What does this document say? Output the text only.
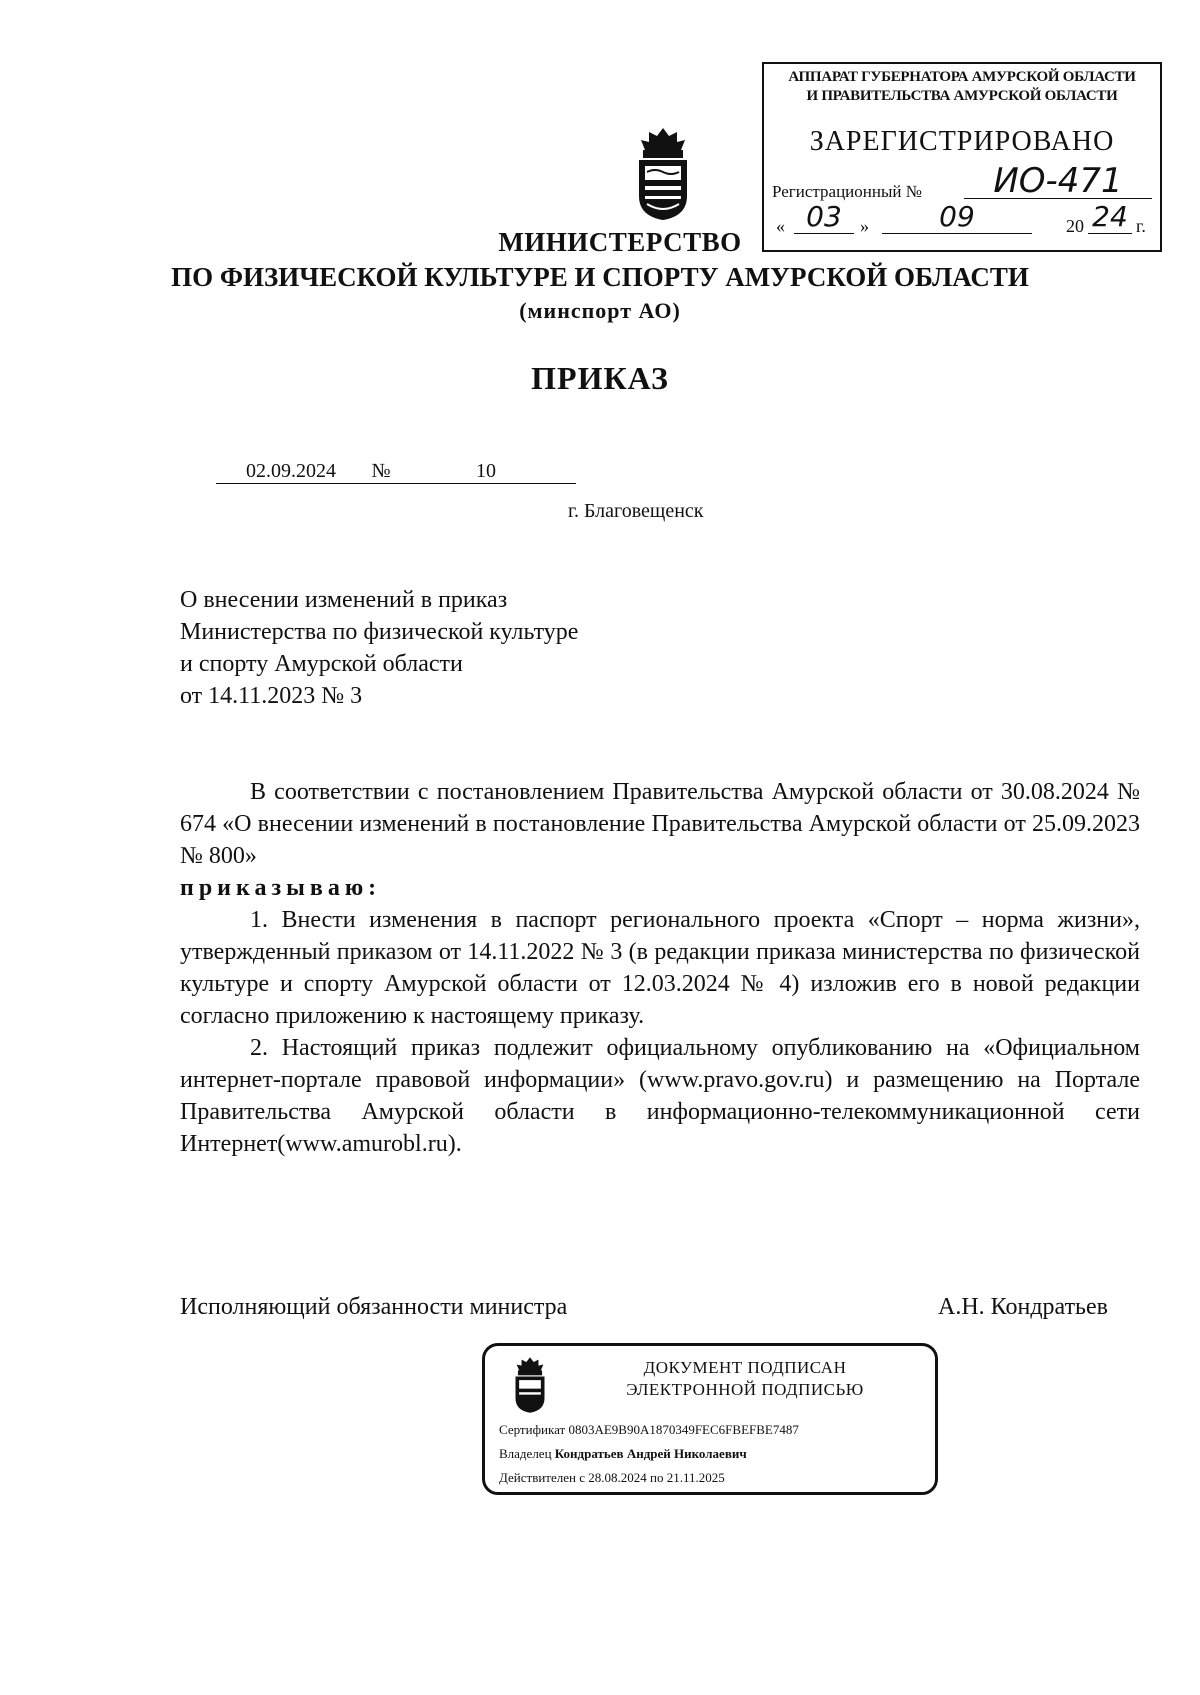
АППАРАТ ГУБЕРНАТОРА АМУРСКОЙ ОБЛАСТИ
И ПРАВИТЕЛЬСТВА АМУРСКОЙ ОБЛАСТИ
ЗАРЕГИСТРИРОВАНО
Регистрационный №	ИО-471
« 03	»	09	20 24 г.
МИНИСТЕРСТВО
ПО ФИЗИЧЕСКОЙ КУЛЬТУРЕ И СПОРТУ АМУРСКОЙ ОБЛАСТИ
(минспорт АО)
ПРИКАЗ
02.09.2024 №	10
г. Благовещенск
О внесении изменений в приказ
Министерства по физической культуре
и спорту Амурской области
от 14.11.2023 № 3

В соответствии с постановлением Правительства Амурской области от 30.08.2024 № 674 «О внесении изменений в постановление Правительства Амурской области от 25.09.2023 № 800»

приказываю:

1. Внести изменения в паспорт регионального проекта «Спорт – норма жизни», утвержденный приказом от 14.11.2022 № 3 (в редакции приказа министерства по физической культуре и спорту Амурской области от 12.03.2024 № 4) изложив его в новой редакции согласно приложению к настоящему приказу.

2. Настоящий приказ подлежит официальному опубликованию на «Официальном интернет-портале правовой информации» (www.pravo.gov.ru) и размещению на Портале Правительства Амурской области в информационно-телекоммуникационной сети Интернет(www.amurobl.ru).

Исполняющий обязанности министра	А.Н. Кондратьев
ДОКУМЕНТ ПОДПИСАН
ЭЛЕКТРОННОЙ ПОДПИСЬЮ
Сертификат 0803AE9B90A1870349FEC6FBEFBE7487
Владелец Кондратьев Андрей Николаевич
Действителен с 28.08.2024 по 21.11.2025
